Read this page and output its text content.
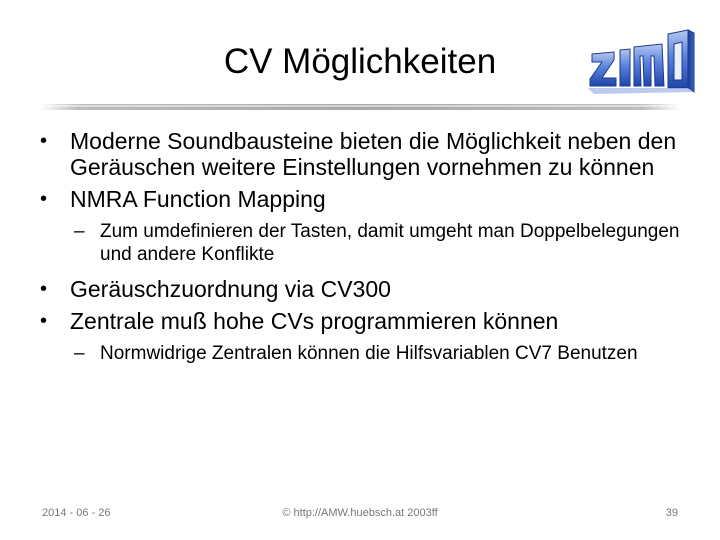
CV Möglichkeiten
• Moderne Soundbausteine bieten die Möglichkeit neben den Geräuschen weitere Einstellungen vornehmen zu können
• NMRA Function Mapping
– Zum umdefinieren der Tasten, damit umgeht man Doppelbelegungen und andere Konflikte
• Geräuschzuordnung via CV300
• Zentrale muß hohe CVs programmieren können
– Normwidrige Zentralen können die Hilfsvariablen CV7 Benutzen
2014 - 06 - 26	© http://AMW.huebsch.at 2003ff	39
